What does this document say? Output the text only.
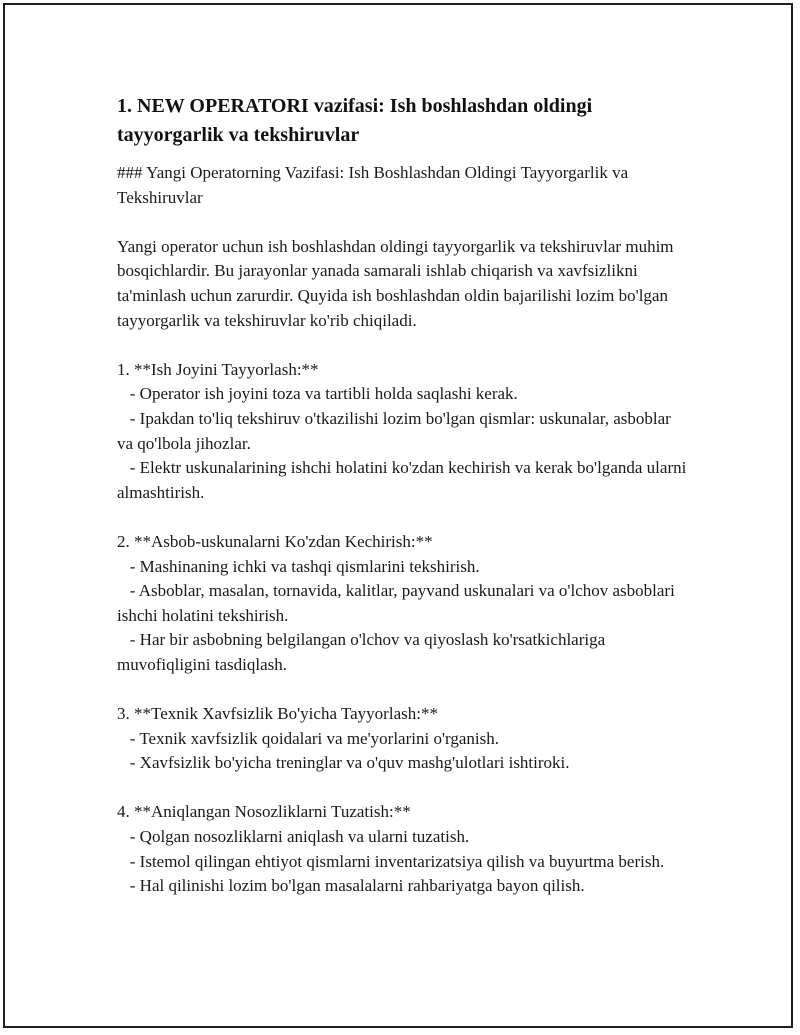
1. NEW OPERATORI vazifasi: Ish boshlashdan oldingi tayyorgarlik va tekshiruvlar

### Yangi Operatorning Vazifasi: Ish Boshlashdan Oldingi Tayyorgarlik va Tekshiruvlar

Yangi operator uchun ish boshlashdan oldingi tayyorgarlik va tekshiruvlar muhim bosqichlardir. Bu jarayonlar yanada samarali ishlab chiqarish va xavfsizlikni ta'minlash uchun zarurdir. Quyida ish boshlashdan oldin bajarilishi lozim bo'lgan tayyorgarlik va tekshiruvlar ko'rib chiqiladi.

1. **Ish Joyini Tayyorlash:**

- Operator ish joyini toza va tartibli holda saqlashi kerak.

- Ipakdan to'liq tekshiruv o'tkazilishi lozim bo'lgan qismlar: uskunalar, asboblar va qo'lbola jihozlar.

- Elektr uskunalarining ishchi holatini ko'zdan kechirish va kerak bo'lganda ularni almashtirish.

2. **Asbob-uskunalarni Ko'zdan Kechirish:**

- Mashinaning ichki va tashqi qismlarini tekshirish.

- Asboblar, masalan, tornavida, kalitlar, payvand uskunalari va o'lchov asboblari ishchi holatini tekshirish.

- Har bir asbobning belgilangan o'lchov va qiyoslash ko'rsatkichlariga muvofiqligini tasdiqlash.

3. **Texnik Xavfsizlik Bo'yicha Tayyorlash:**

- Texnik xavfsizlik qoidalari va me'yorlarini o'rganish.

- Xavfsizlik bo'yicha treninglar va o'quv mashg'ulotlari ishtiroki.

4. **Aniqlangan Nosozliklarni Tuzatish:**

- Qolgan nosozliklarni aniqlash va ularni tuzatish.

- Istemol qilingan ehtiyot qismlarni inventarizatsiya qilish va buyurtma berish.

- Hal qilinishi lozim bo'lgan masalalarni rahbariyatga bayon qilish.
